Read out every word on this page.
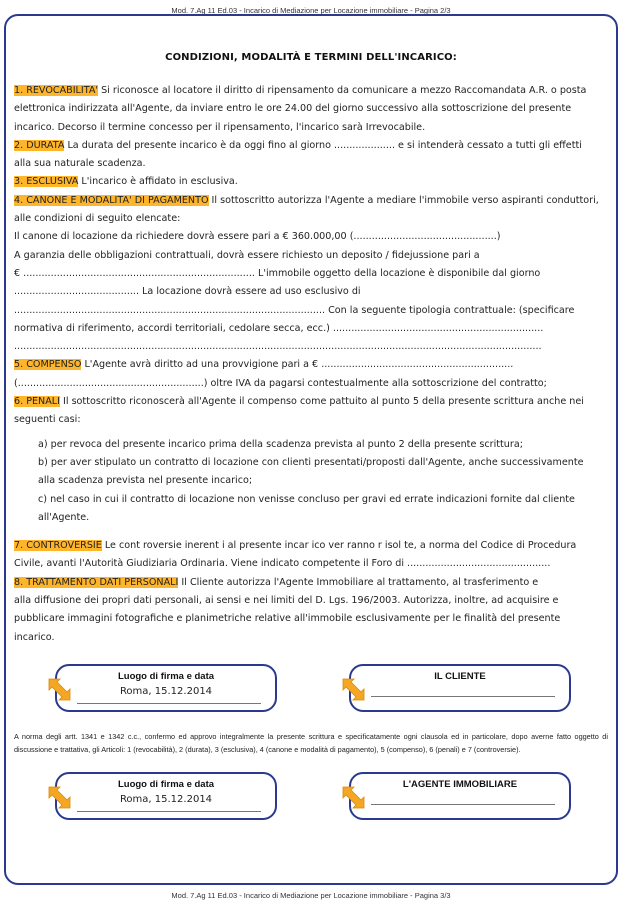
Mod. 7.Ag 11 Ed.03 - Incarico di Mediazione per Locazione immobiliare - Pagina 2/3
CONDIZIONI, MODALITÀ E TERMINI DELL'INCARICO:

1. REVOCABILITA' Si riconosce al locatore il diritto di ripensamento da comunicare a mezzo Raccomandata A.R. o posta

elettronica indirizzata all'Agente, da inviare entro le ore 24.00 del giorno successivo alla sottoscrizione del presente

incarico. Decorso il termine concesso per il ripensamento, l'incarico sarà Irrevocabile.

2. DURATA La durata del presente incarico è da oggi fino al giorno .................... e si intenderà cessato a tutti gli effetti

alla sua naturale scadenza.

3. ESCLUSIVA L'incarico è affidato in esclusiva.

4. CANONE E MODALITA' DI PAGAMENTO Il sottoscritto autorizza l'Agente a mediare l'immobile verso aspiranti conduttori,

alle condizioni di seguito elencate:

Il canone di locazione da richiedere dovrà essere pari a € 360.000,00 (...............................................)

A garanzia delle obbligazioni contrattuali, dovrà essere richiesto un deposito / fidejussione pari a

€ ............................................................................ L'immobile oggetto della locazione è disponibile dal giorno

......................................... La locazione dovrà essere ad uso esclusivo di

...................................................................................................... Con la seguente tipologia contrattuale: (specificare

normativa di riferimento, accordi territoriali, cedolare secca, ecc.) .....................................................................

.............................................................................................................................................................................

5. COMPENSO L'Agente avrà diritto ad una provvigione pari a € ...............................................................

(.............................................................) oltre IVA da pagarsi contestualmente alla sottoscrizione del contratto;

6. PENALI Il sottoscritto riconoscerà all'Agente il compenso come pattuito al punto 5 della presente scrittura anche nei

seguenti casi:

a) per revoca del presente incarico prima della scadenza prevista al punto 2 della presente scrittura;

b) per aver stipulato un contratto di locazione con clienti presentati/proposti dall'Agente, anche successivamente

alla scadenza prevista nel presente incarico;

c) nel caso in cui il contratto di locazione non venisse concluso per gravi ed errate indicazioni fornite dal cliente

all'Agente.

7. CONTROVERSIE Le cont roversie inerent i al presente incar ico ver ranno r isol te, a norma del Codice di Procedura

Civile, avanti l'Autorità Giudiziaria Ordinaria. Viene indicato competente il Foro di ...............................................

8. TRATTAMENTO DATI PERSONALI Il Cliente autorizza l'Agente Immobiliare al trattamento, al trasferimento e

alla diffusione dei propri dati personali, ai sensi e nei limiti del D. Lgs. 196/2003. Autorizza, inoltre, ad acquisire e

pubblicare immagini fotografiche e planimetriche relative all'immobile esclusivamente per le finalità del presente

incarico.

Luogo di firma e data
Roma, 15.12.2014
IL CLIENTE
A norma degli artt. 1341 e 1342 c.c., confermo ed approvo integralmente la presente scrittura e specificatamente ogni clausola ed in particolare, dopo averne fatto oggetto di discussione e trattativa, gli Articoli: 1 (revocabilità), 2 (durata), 3 (esclusiva), 4 (canone e modalità di pagamento), 5 (compenso), 6 (penali) e 7 (controversie).
Luogo di firma e data
Roma, 15.12.2014
L'AGENTE IMMOBILIARE
Mod. 7.Ag 11 Ed.03 - Incarico di Mediazione per Locazione immobiliare - Pagina 3/3
